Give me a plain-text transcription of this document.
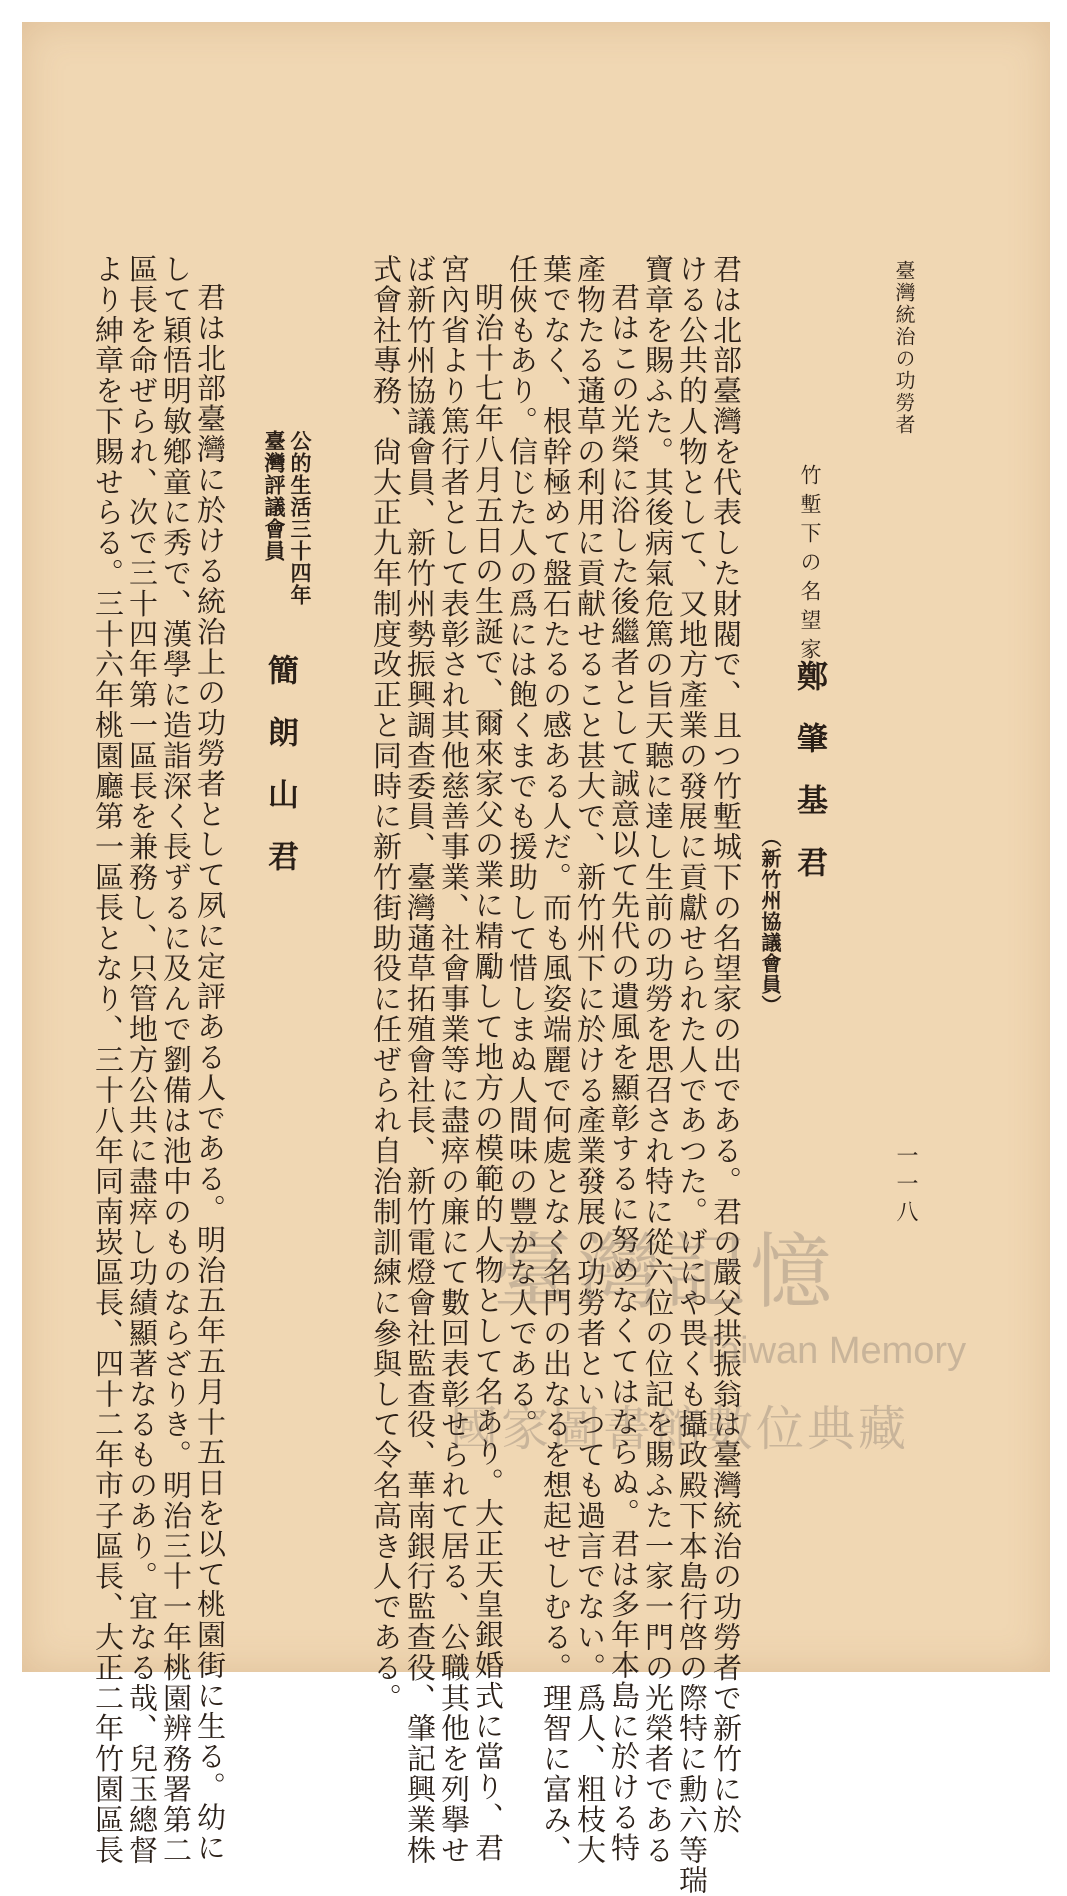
臺灣統治の功勞者
一一八
竹塹下の名望家
鄭　肇　基　君
（新竹州協議會員）
君は北部臺灣を代表した財閥で、且つ竹塹城下の名望家の出である。君の嚴父拱振翁は臺灣統治の功勞者で新竹に於
ける公共的人物として、又地方產業の發展に貢獻せられた人であつた。げにや畏くも攝政殿下本島行啓の際特に勳六等瑞
寶章を賜ふた。其後病氣危篤の旨天聽に達し生前の功勞を思召され特に從六位の位記を賜ふた一家一門の光榮者である
君はこの光榮に浴した後繼者として誠意以て先代の遺風を顯彰するに努めなくてはならぬ。君は多年本島に於ける特
產物たる蓪草の利用に貢献せること甚大で、新竹州下に於ける產業發展の功勞者といつても過言でない。爲人、粗枝大
葉でなく、根幹極めて盤石たるの感ある人だ。而も風姿端麗で何處となく名門の出なるを想起せしむる。理智に富み、
任俠もあり。信じた人の爲には飽くまでも援助して惜しまぬ人間味の豐かな人である。
明治十七年八月五日の生誕で、爾來家父の業に精勵して地方の模範的人物として名あり。大正天皇銀婚式に當り、君
宮內省より篤行者として表彰され其他慈善事業、社會事業等に盡瘁の廉にて數回表彰せられて居る、公職其他を列擧せ
ば新竹州協議會員、新竹州勢振興調查委員、臺灣蓪草拓殖會社長、新竹電燈會社監查役、華南銀行監查役、肇記興業株
式會社專務、尙大正九年制度改正と同時に新竹街助役に任ぜられ自治制訓練に參與して令名高き人である。
公的生活三十四年
臺灣評議會員
簡　朗　山　君
君は北部臺灣に於ける統治上の功勞者として夙に定評ある人である。明治五年五月十五日を以て桃園街に生る。幼に
して穎悟明敏鄕童に秀で、漢學に造詣深く長ずるに及んで劉備は池中のものならざりき。明治三十一年桃園辨務署第二
區長を命ぜられ、次で三十四年第一區長を兼務し、只管地方公共に盡瘁し功績顯著なるものあり。宜なる哉、兒玉總督
より紳章を下賜せらる。三十六年桃園廳第一區長となり、三十八年同南崁區長、四十二年市子區長、大正二年竹園區長	臺灣記憶
Taiwan Memory
國家圖書館數位典藏
